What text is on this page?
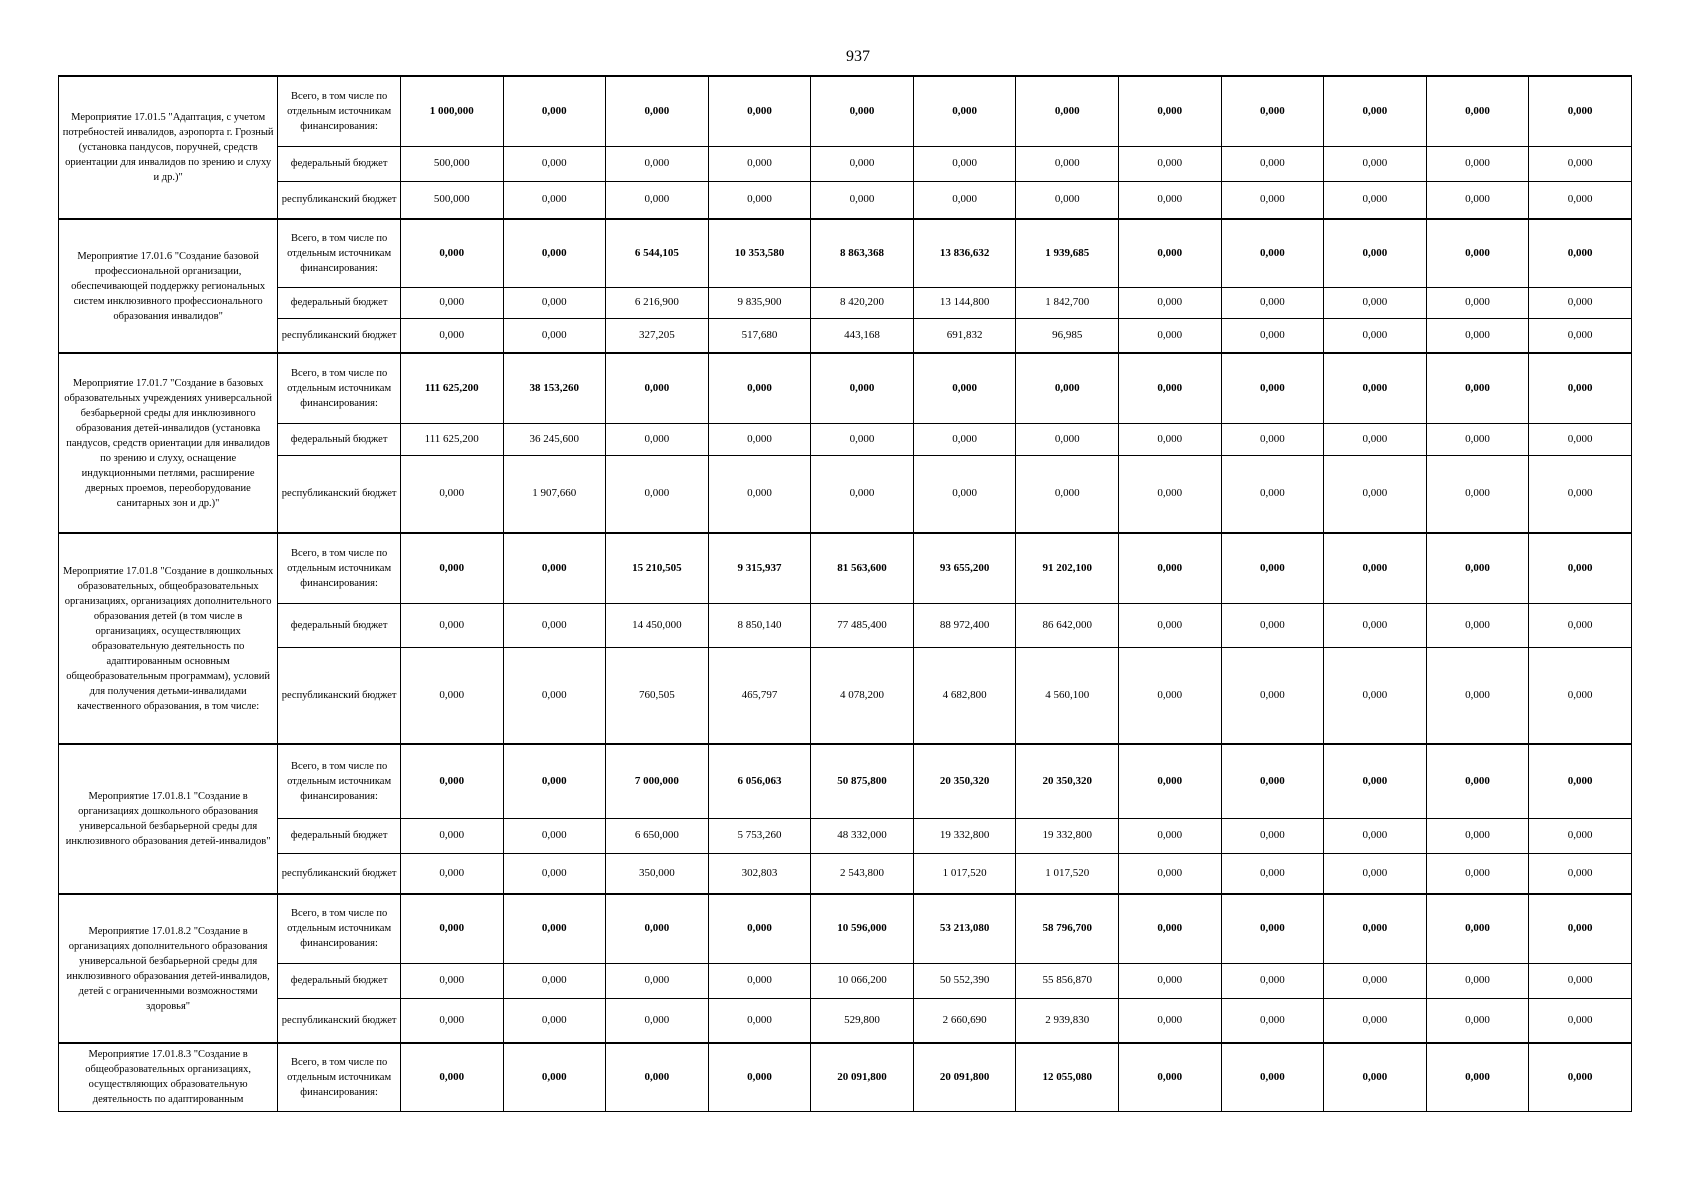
937
Мероприятие 17.01.5 "Адаптация, с учетом потребностей инвалидов, аэропорта г. Грозный (установка пандусов, поручней, средств ориентации для инвалидов по зрению и слуху и др.)"	Всего, в том числе по отдельным источникам финансирования:	1 000,000	0,000	0,000	0,000	0,000	0,000	0,000	0,000	0,000	0,000	0,000	0,000
	федеральный бюджет	500,000	0,000	0,000	0,000	0,000	0,000	0,000	0,000	0,000	0,000	0,000	0,000
	республиканский бюджет	500,000	0,000	0,000	0,000	0,000	0,000	0,000	0,000	0,000	0,000	0,000	0,000
Мероприятие 17.01.6 "Создание базовой профессиональной организации, обеспечивающей поддержку региональных систем инклюзивного профессионального образования инвалидов"	Всего, в том числе по отдельным источникам финансирования:	0,000	0,000	6 544,105	10 353,580	8 863,368	13 836,632	1 939,685	0,000	0,000	0,000	0,000	0,000
	федеральный бюджет	0,000	0,000	6 216,900	9 835,900	8 420,200	13 144,800	1 842,700	0,000	0,000	0,000	0,000	0,000
	республиканский бюджет	0,000	0,000	327,205	517,680	443,168	691,832	96,985	0,000	0,000	0,000	0,000	0,000
Мероприятие 17.01.7 "Создание в базовых образовательных учреждениях универсальной безбарьерной среды для инклюзивного образования детей-инвалидов (установка пандусов, средств ориентации для инвалидов по зрению и слуху, оснащение индукционными петлями, расширение дверных проемов, переоборудование санитарных зон и др.)"	Всего, в том числе по отдельным источникам финансирования:	111 625,200	38 153,260	0,000	0,000	0,000	0,000	0,000	0,000	0,000	0,000	0,000	0,000
	федеральный бюджет	111 625,200	36 245,600	0,000	0,000	0,000	0,000	0,000	0,000	0,000	0,000	0,000	0,000
	республиканский бюджет	0,000	1 907,660	0,000	0,000	0,000	0,000	0,000	0,000	0,000	0,000	0,000	0,000
Мероприятие 17.01.8 "Создание в дошкольных образовательных, общеобразовательных организациях, организациях дополнительного образования детей (в том числе в организациях, осуществляющих образовательную деятельность по адаптированным основным общеобразовательным программам), условий для получения детьми-инвалидами качественного образования, в том числе:	Всего, в том числе по отдельным источникам финансирования:	0,000	0,000	15 210,505	9 315,937	81 563,600	93 655,200	91 202,100	0,000	0,000	0,000	0,000	0,000
	федеральный бюджет	0,000	0,000	14 450,000	8 850,140	77 485,400	88 972,400	86 642,000	0,000	0,000	0,000	0,000	0,000
	республиканский бюджет	0,000	0,000	760,505	465,797	4 078,200	4 682,800	4 560,100	0,000	0,000	0,000	0,000	0,000
Мероприятие 17.01.8.1 "Создание в организациях дошкольного образования универсальной безбарьерной среды для инклюзивного образования детей-инвалидов"	Всего, в том числе по отдельным источникам финансирования:	0,000	0,000	7 000,000	6 056,063	50 875,800	20 350,320	20 350,320	0,000	0,000	0,000	0,000	0,000
	федеральный бюджет	0,000	0,000	6 650,000	5 753,260	48 332,000	19 332,800	19 332,800	0,000	0,000	0,000	0,000	0,000
	республиканский бюджет	0,000	0,000	350,000	302,803	2 543,800	1 017,520	1 017,520	0,000	0,000	0,000	0,000	0,000
Мероприятие 17.01.8.2 "Создание в организациях дополнительного образования универсальной безбарьерной среды для инклюзивного образования детей-инвалидов, детей с ограниченными возможностями здоровья"	Всего, в том числе по отдельным источникам финансирования:	0,000	0,000	0,000	0,000	10 596,000	53 213,080	58 796,700	0,000	0,000	0,000	0,000	0,000
	федеральный бюджет	0,000	0,000	0,000	0,000	10 066,200	50 552,390	55 856,870	0,000	0,000	0,000	0,000	0,000
	республиканский бюджет	0,000	0,000	0,000	0,000	529,800	2 660,690	2 939,830	0,000	0,000	0,000	0,000	0,000
Мероприятие 17.01.8.3 "Создание в общеобразовательных организациях, осуществляющих образовательную деятельность по адаптированным	Всего, в том числе по отдельным источникам финансирования:	0,000	0,000	0,000	0,000	20 091,800	20 091,800	12 055,080	0,000	0,000	0,000	0,000	0,000
